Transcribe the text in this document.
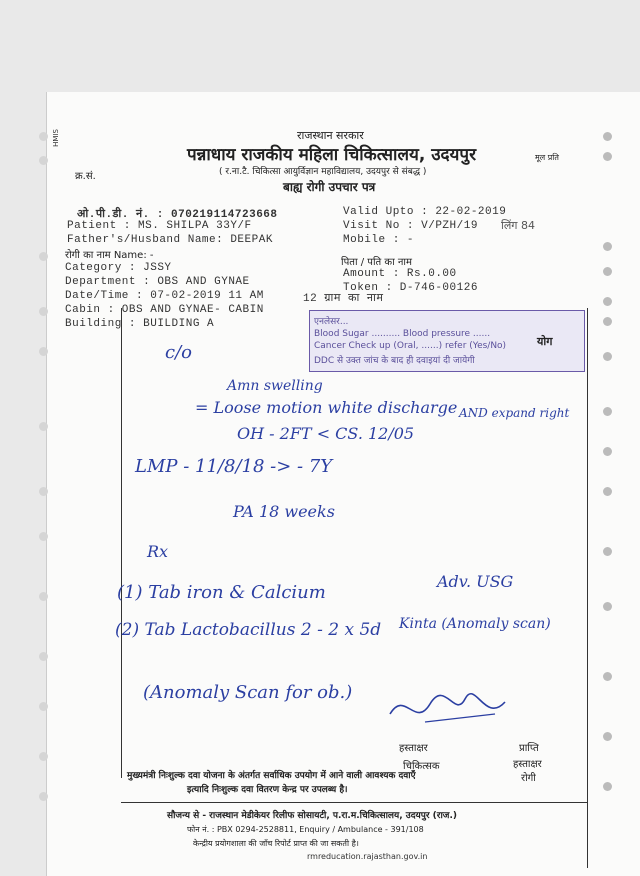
HMIS	राजस्थान सरकार
पन्नाधाय राजकीय महिला चिकित्सालय, उदयपुर
( र.ना.टै. चिकित्सा आयुर्विज्ञान महाविद्यालय, उदयपुर से संबद्ध )
बाह्य रोगी उपचार पत्र
क्र.सं.
मूल प्रति
ओ.पी.डी. नं. : 070219114723668	Valid Upto : 22-02-2019
Patient : MS. SHILPA 33Y/F	Visit No : V/PZH/19 लिंग 84
Father's/Husband Name: DEEPAK	Mobile : -
रोगी का नाम Name: -
पिता / पति का नाम
Category : JSSY	Amount : Rs.0.00
Department : OBS AND GYNAE	Token : D-746-00126
Date/Time : 07-02-2019 11 AM	12 ग्राम का नाम
Cabin : OBS AND GYNAE- CABIN
Building : BUILDING A	एनलेसर...
Blood Sugar .......... Blood pressure ......
Cancer Check up (Oral, ......) refer (Yes/No)
DDC से उक्त जांच के बाद ही दवाइयां दी जायेगी
योग
c/o
Amn swelling
= Loose motion white discharge AND expand right
OH - 2FT < CS. 12/05
LMP - 11/8/18 -> - 7Y
PA 18 weeks
Rx
(1) Tab iron & Calcium
Adv. USG
(2) Tab Lactobacillus 2 - 2 x 5d Kinta (Anomaly scan)
(Anomaly Scan for ob.)
हस्ताक्षर
चिकित्सक
प्राप्ति
हस्ताक्षर
रोगी
मुख्यमंत्री निःशुल्क दवा योजना के अंतर्गत सर्वाधिक उपयोग में आने वाली आवश्यक दवाएँ
इत्यादि निःशुल्क दवा वितरण केन्द्र पर उपलब्ध है।
सौजन्य से - राजस्थान मेडीकेयर रिलीफ सोसायटी, प.रा.म.चिकित्सालय, उदयपुर (राज.)
फोन नं. : PBX 0294-2528811, Enquiry / Ambulance - 391/108
केन्द्रीय प्रयोगशाला की जाँच रिपोर्ट प्राप्त की जा सकती है।
rmreducation.rajasthan.gov.in
